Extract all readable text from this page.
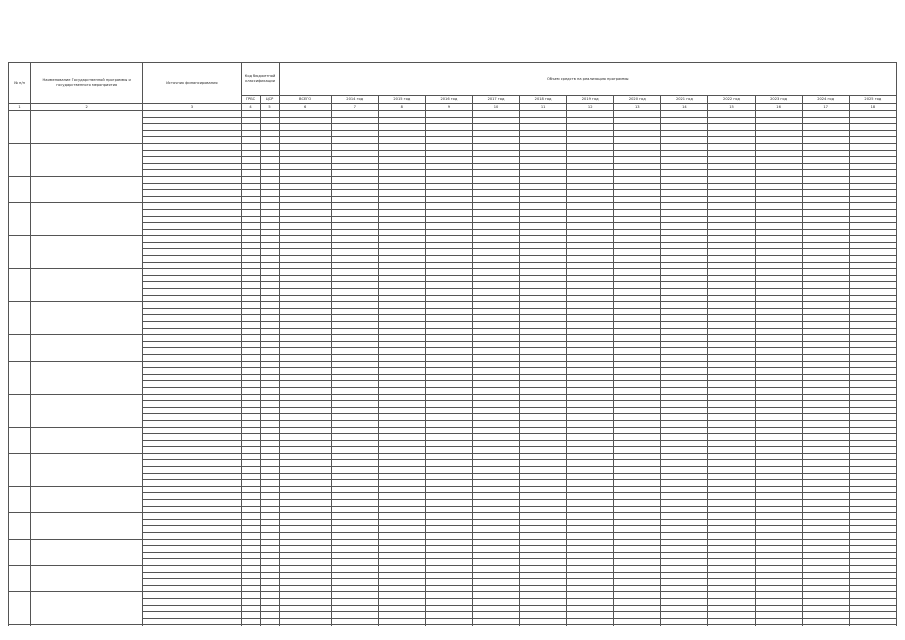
№ п/п	Наименование Государственной программы и государственного мероприятия	Источник финансирования	Код бюджетной классификации		Объем средств на реализацию программы												
			ГРБС	ЦСР	ВСЕГО	2014 год	2015 год	2016 год	2017 год	2018 год	2019 год	2020 год	2021 год	2022 год	2023 год	2024 год	2025 год
1	2	3	4	5	6	7	8	9	10	11	12	13	14	15	16	17	18
